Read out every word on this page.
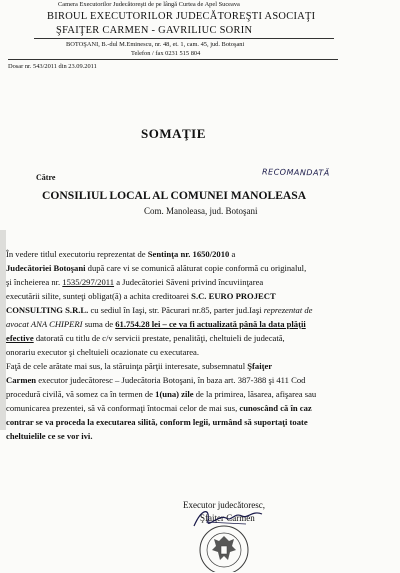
Camera Executorilor Judecătoreşti de pe lângă Curtea de Apel Suceava
BIROUL EXECUTORILOR JUDECĂTOREŞTI ASOCIAŢI
ŞFAIŢER CARMEN - GAVRILIUC SORIN
BOTOŞANI, B.-dul M.Eminescu, nr. 48, et. 1, cam. 45, jud. Botoşani
Telefon / fax 0231 515 804
Dosar nr. 543/2011 din 23.09.2011
SOMAŢIE
RECOMANDATĂ
Către
CONSILIUL LOCAL AL COMUNEI MANOLEASA
Com. Manoleasa, jud. Botoşani
În vedere titlul executoriu reprezentat de Sentinţa nr. 1650/2010 a
Judecătoriei Botoşani după care vi se comunică alăturat copie conformă cu originalul,
şi încheierea nr. 1535/297/2011 a Judecătoriei Săveni privind încuviinţarea
executării silite, sunteţi obligat(ă) a achita creditoarei S.C. EURO PROJECT
CONSULTING S.R.L. cu sediul în Iaşi, str. Păcurari nr.85, parter jud.Iaşi reprezentat de
avocat ANA CHIPERI suma de 61.754.28 lei – ce va fi actualizată până la data plăţii
efective datorată cu titlu de c/v servicii prestate, penalităţi, cheltuieli de judecată,
onorariu executor şi cheltuieli ocazionate cu executarea.
Faţă de cele arătate mai sus, la stăruinţa părţii interesate, subsemnatul Şfaiţer
Carmen executor judecătoresc – Judecătoria Botoşani, în baza art. 387-388 şi 411 Cod
procedură civilă, vă somez ca în termen de 1(una) zile de la primirea, lăsarea, afişarea sau
comunicarea prezentei, să vă conformaţi întocmai celor de mai sus, cunoscând că în caz
contrar se va proceda la executarea silită, conform legii, urmând să suportaţi toate
cheltuielile ce se vor ivi.
Executor judecătoresc,
Şfaiţer Carmen
